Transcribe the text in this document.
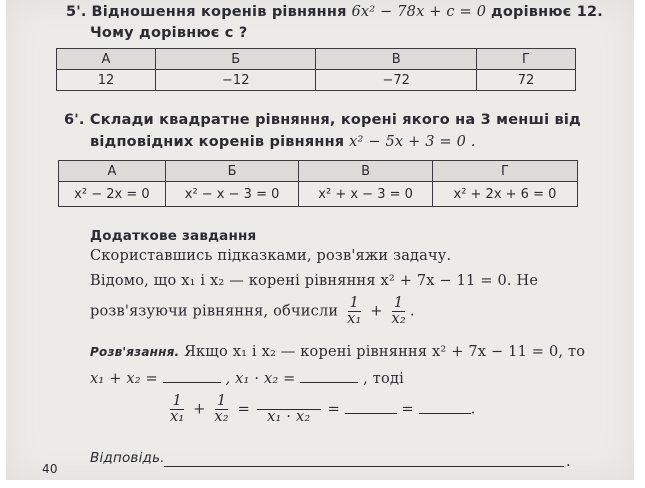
5'. Відношення коренів рівняння 6x² − 78x + c = 0 дорівнює 12.
Чому дорівнює c ?
А	Б	В	Г
12	−12	−72	72
6'. Склади квадратне рівняння, корені якого на 3 менші від
відповідних коренів рівняння x² − 5x + 3 = 0 .
А	Б	В	Г
x² − 2x = 0	x² − x − 3 = 0	x² + x − 3 = 0	x² + 2x + 6 = 0
Додаткове завдання
Скориставшись підказками, розв'яжи задачу.
Відомо, що x₁ і x₂ — корені рівняння x² + 7x − 11 = 0. Не
розв'язуючи рівняння, обчисли $\frac{1}{\text{x₁}} + \frac{1}{\text{x₂}}$ .
Розв'язання. Якщо x₁ і x₂ — корені рівняння x² + 7x − 11 = 0, то
x₁ + x₂ =	, x₁ · x₂ =	, тоді
$\frac{1}{\text{x₁}} + \frac{1}{\text{x₂}} = x_1 \cdot x_2$ =	=	.
Відповідь.	.
40
